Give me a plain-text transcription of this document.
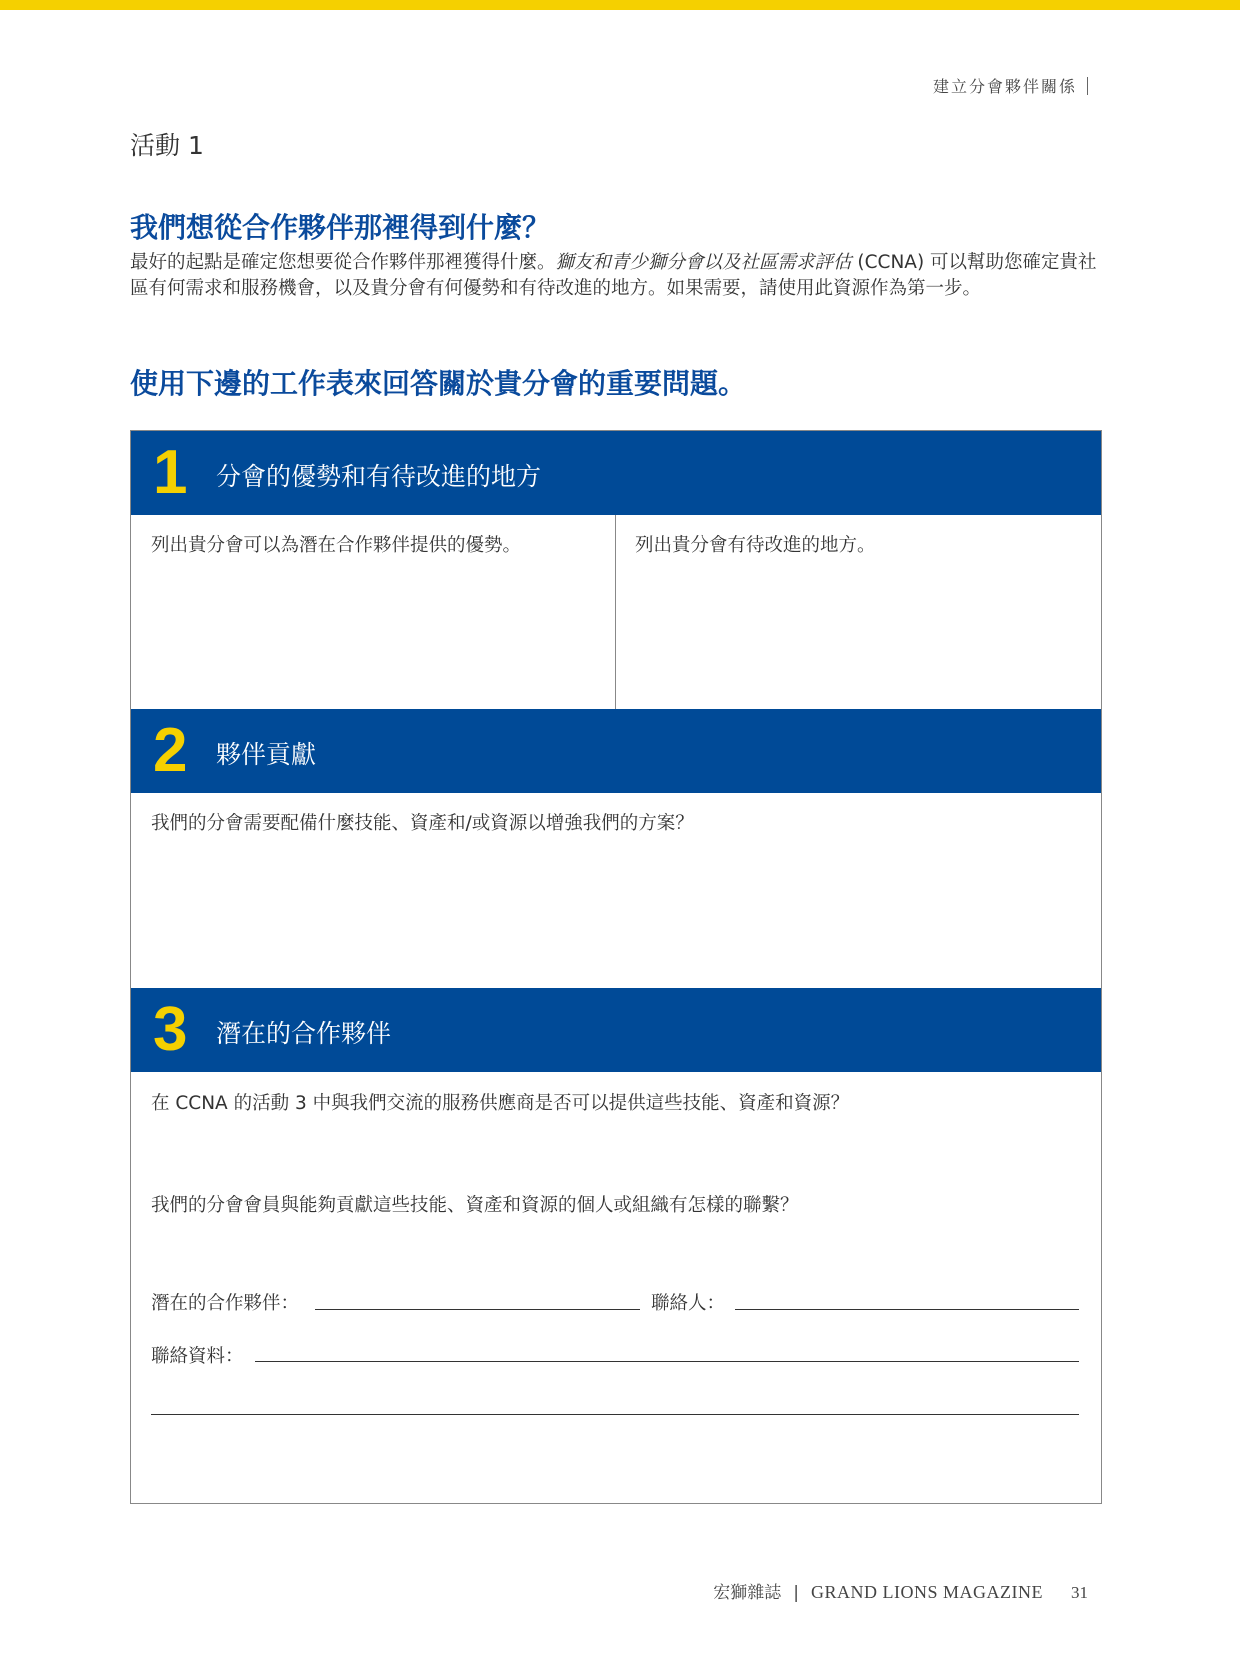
建立分會夥伴關係
活動 1
我們想從合作夥伴那裡得到什麼？

最好的起點是確定您想要從合作夥伴那裡獲得什麼。獅友和青少獅分會以及社區需求評估 (CCNA) 可以幫助您確定貴社區有何需求和服務機會，以及貴分會有何優勢和有待改進的地方。如果需要，請使用此資源作為第一步。

使用下邊的工作表來回答關於貴分會的重要問題。
1 分會的優勢和有待改進的地方
列出貴分會可以為潛在合作夥伴提供的優勢。	列出貴分會有待改進的地方。
2 夥伴貢獻
我們的分會需要配備什麼技能、資產和/或資源以增強我們的方案？
3 潛在的合作夥伴
在 CCNA 的活動 3 中與我們交流的服務供應商是否可以提供這些技能、資產和資源？
我們的分會會員與能夠貢獻這些技能、資產和資源的個人或組織有怎樣的聯繫？
潛在的合作夥伴：	聯絡人：
聯絡資料：
宏獅雜誌 | GRAND LIONS MAGAZINE 31
